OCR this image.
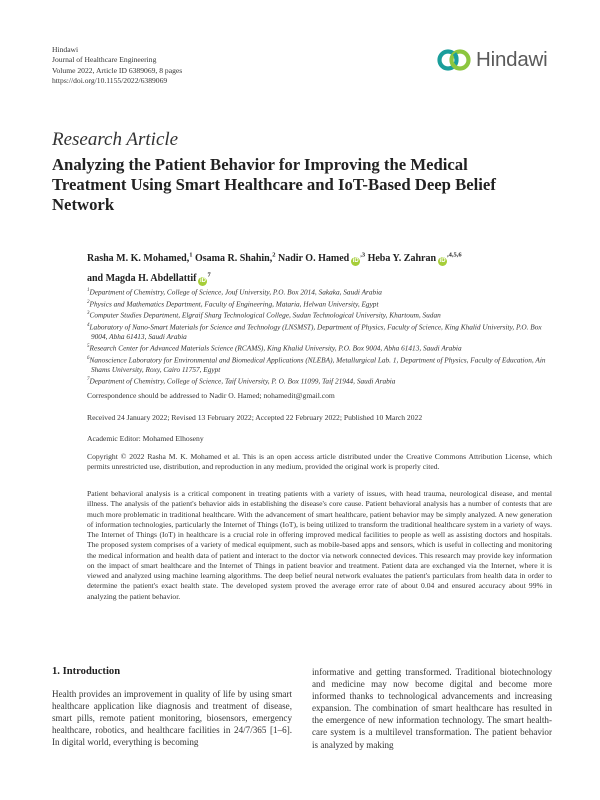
Hindawi
Journal of Healthcare Engineering
Volume 2022, Article ID 6389069, 8 pages
https://doi.org/10.1155/2022/6389069
Hindawi
Research Article
Analyzing the Patient Behavior for Improving the Medical Treatment Using Smart Healthcare and IoT-Based Deep Belief Network
Rasha M. K. Mohamed,$^1$ Osama R. Shahin,$^2$ Nadir O. Hamed $iD^{,3}$ Heba Y. Zahran $iD^{,4,5,6}$
and Magda H. Abdellattif $iD^7$
$^1$Department of Chemistry, College of Science, Jouf University, P.O. Box 2014, Sakaka, Saudi Arabia
$^2$Physics and Mathematics Department, Faculty of Engineering, Mataria, Helwan University, Egypt
$^3$Computer Studies Department, Elgraif Sharg Technological College, Sudan Technological University, Khartoum, Sudan
$^4$Laboratory of Nano-Smart Materials for Science and Technology (LNSMST), Department of Physics, Faculty of Science, King Khalid University, P.O. Box 9004, Abha 61413, Saudi Arabia
$^5$Research Center for Advanced Materials Science (RCAMS), King Khalid University, P.O. Box 9004, Abha 61413, Saudi Arabia
$^6$Nanoscience Laboratory for Environmental and Biomedical Applications (NLEBA), Metallurgical Lab. 1, Department of Physics, Faculty of Education, Ain Shams University, Roxy, Cairo 11757, Egypt
$^7$Department of Chemistry, College of Science, Taif University, P. O. Box 11099, Taif 21944, Saudi Arabia
Correspondence should be addressed to Nadir O. Hamed; nohamedit@gmail.com
Received 24 January 2022; Revised 13 February 2022; Accepted 22 February 2022; Published 10 March 2022
Academic Editor: Mohamed Elhoseny
Copyright © 2022 Rasha M. K. Mohamed et al. This is an open access article distributed under the Creative Commons Attribution License, which permits unrestricted use, distribution, and reproduction in any medium, provided the original work is properly cited.

Patient behavioral analysis is a critical component in treating patients with a variety of issues, with head trauma, neurological disease, and mental illness. The analysis of the patient's behavior aids in establishing the disease's core cause. Patient behavioral analysis has a number of contests that are much more problematic in traditional healthcare. With the advancement of smart healthcare, patient behavior may be simply analyzed. A new generation of information technologies, particularly the Internet of Things (IoT), is being utilized to transform the traditional healthcare system in a variety of ways. The Internet of Things (IoT) in healthcare is a crucial role in offering improved medical facilities to people as well as assisting doctors and hospitals. The proposed system comprises of a variety of medical equipment, such as mobile-based apps and sensors, which is useful in collecting and monitoring the medical information and health data of patient and interact to the doctor via network connected devices. This research may provide key information on the impact of smart healthcare and the Internet of Things in patient beavior and treatment. Patient data are exchanged via the Internet, where it is viewed and analyzed using machine learning algorithms. The deep belief neural network evaluates the patient's particulars from health data in order to determine the patient's exact health state. The developed system proved the average error rate of about 0.04 and ensured accuracy about 99% in analyzing the patient behavior.

1. Introduction

Health provides an improvement in quality of life by using smart healthcare application like diagnosis and treatment of disease, smart pills, remote patient monitoring, biosensors, emergency healthcare, robotics, and healthcare facilities in 24/7/365 [1–6]. In digital world, everything is becoming

informative and getting transformed. Traditional biotechnology and medicine may now become digital and become more informed thanks to technological advancements and increasing expansion. The combination of smart healthcare has resulted in the emergence of new information technology. The smart health-care system is a multilevel transformation. The patient behavior is analyzed by making
